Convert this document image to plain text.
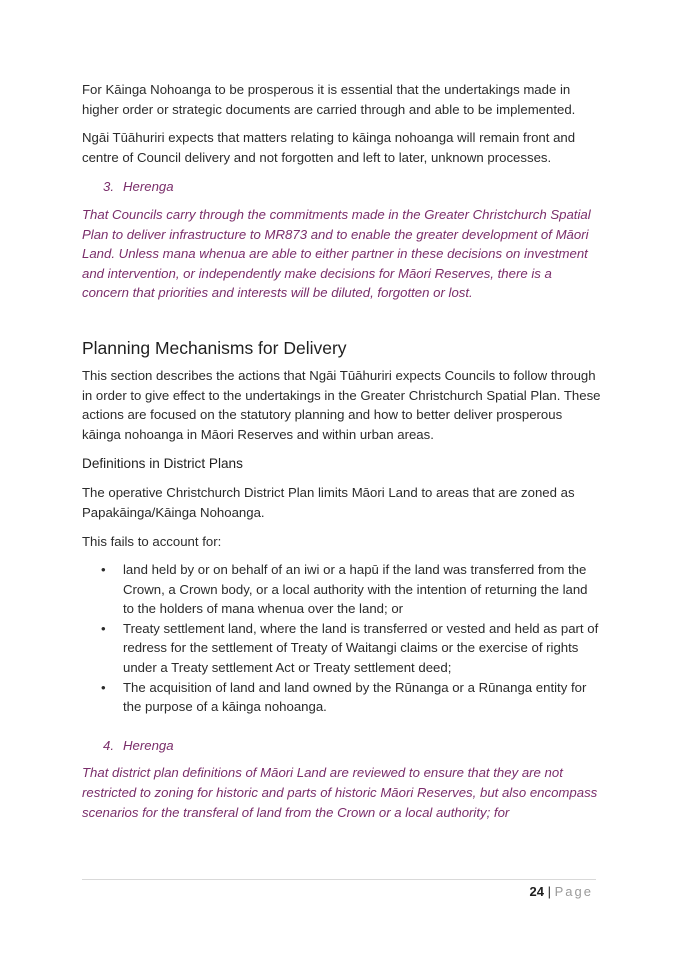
For Kāinga Nohoanga to be prosperous it is essential that the undertakings made in higher order or strategic documents are carried through and able to be implemented.

Ngāi Tūāhuriri expects that matters relating to kāinga nohoanga will remain front and centre of Council delivery and not forgotten and left to later, unknown processes.

3. Herenga

That Councils carry through the commitments made in the Greater Christchurch Spatial Plan to deliver infrastructure to MR873 and to enable the greater development of Māori Land. Unless mana whenua are able to either partner in these decisions on investment and intervention, or independently make decisions for Māori Reserves, there is a concern that priorities and interests will be diluted, forgotten or lost.

Planning Mechanisms for Delivery

This section describes the actions that Ngāi Tūāhuriri expects Councils to follow through in order to give effect to the undertakings in the Greater Christchurch Spatial Plan. These actions are focused on the statutory planning and how to better deliver prosperous kāinga nohoanga in Māori Reserves and within urban areas.

Definitions in District Plans

The operative Christchurch District Plan limits Māori Land to areas that are zoned as Papakāinga/Kāinga Nohoanga.

This fails to account for:

• land held by or on behalf of an iwi or a hapū if the land was transferred from the Crown, a Crown body, or a local authority with the intention of returning the land to the holders of mana whenua over the land; or
• Treaty settlement land, where the land is transferred or vested and held as part of redress for the settlement of Treaty of Waitangi claims or the exercise of rights under a Treaty settlement Act or Treaty settlement deed;
• The acquisition of land and land owned by the Rūnanga or a Rūnanga entity for the purpose of a kāinga nohoanga.
4. Herenga

That district plan definitions of Māori Land are reviewed to ensure that they are not restricted to zoning for historic and parts of historic Māori Reserves, but also encompass scenarios for the transferal of land from the Crown or a local authority; for

24 | Page
